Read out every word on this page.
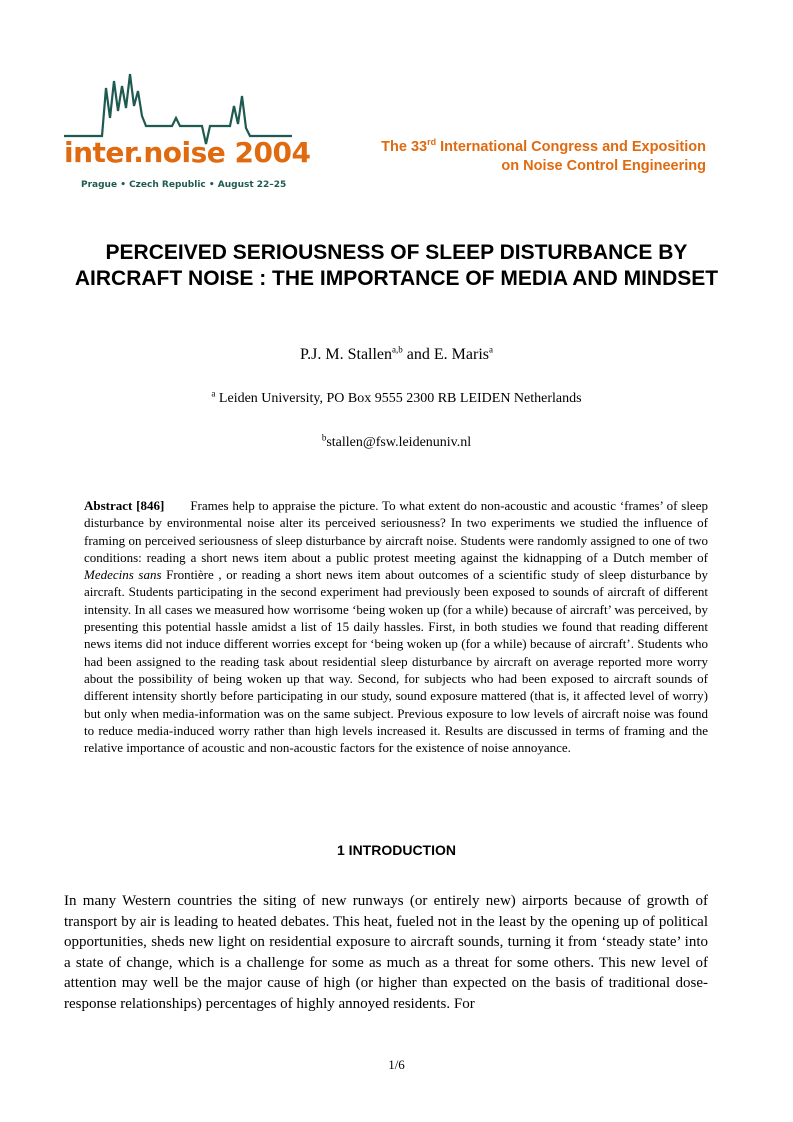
inter.noise 2004
Prague • Czech Republic • August 22–25
The 33rd International Congress and Exposition
on Noise Control Engineering
PERCEIVED SERIOUSNESS OF SLEEP DISTURBANCE BY AIRCRAFT NOISE : THE IMPORTANCE OF MEDIA AND MINDSET
P.J. M. Stallen$^{a,b}$ and E. Maris$^a$
$^a$ Leiden University, PO Box 9555 2300 RB LEIDEN Netherlands
$^b$stallen@fsw.leidenuniv.nl
Abstract [846] Frames help to appraise the picture. To what extent do non-acoustic and acoustic ‘frames’ of sleep disturbance by environmental noise alter its perceived seriousness? In two experiments we studied the influence of framing on perceived seriousness of sleep disturbance by aircraft noise. Students were randomly assigned to one of two conditions: reading a short news item about a public protest meeting against the kidnapping of a Dutch member of Medecins sans Frontière , or reading a short news item about outcomes of a scientific study of sleep disturbance by aircraft. Students participating in the second experiment had previously been exposed to sounds of aircraft of different intensity. In all cases we measured how worrisome ‘being woken up (for a while) because of aircraft’ was perceived, by presenting this potential hassle amidst a list of 15 daily hassles. First, in both studies we found that reading different news items did not induce different worries except for ‘being woken up (for a while) because of aircraft’. Students who had been assigned to the reading task about residential sleep disturbance by aircraft on average reported more worry about the possibility of being woken up that way. Second, for subjects who had been exposed to aircraft sounds of different intensity shortly before participating in our study, sound exposure mattered (that is, it affected level of worry) but only when media-information was on the same subject. Previous exposure to low levels of aircraft noise was found to reduce media-induced worry rather than high levels increased it. Results are discussed in terms of framing and the relative importance of acoustic and non-acoustic factors for the existence of noise annoyance.
1 INTRODUCTION
In many Western countries the siting of new runways (or entirely new) airports because of growth of transport by air is leading to heated debates. This heat, fueled not in the least by the opening up of political opportunities, sheds new light on residential exposure to aircraft sounds, turning it from ‘steady state’ into a state of change, which is a challenge for some as much as a threat for some others. This new level of attention may well be the major cause of high (or higher than expected on the basis of traditional dose-response relationships) percentages of highly annoyed residents. For
1/6
